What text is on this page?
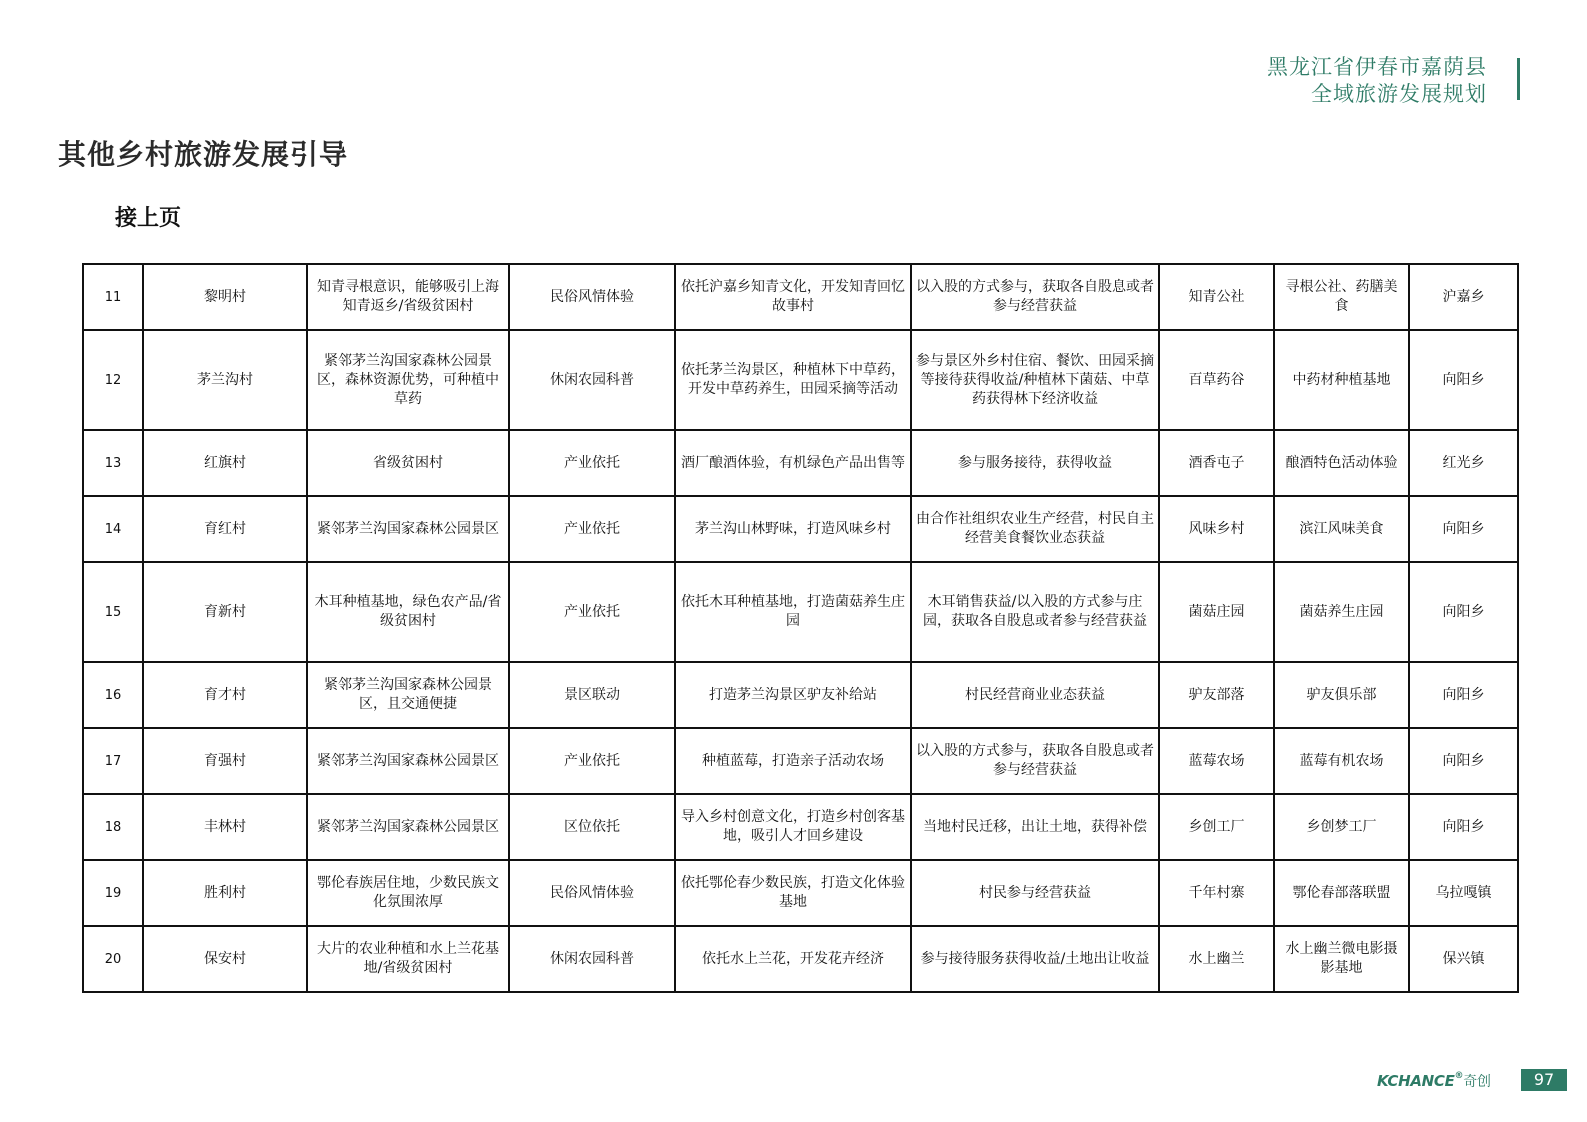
黑龙江省伊春市嘉荫县
全域旅游发展规划
其他乡村旅游发展引导
接上页
11	黎明村	知青寻根意识，能够吸引上海知青返乡/省级贫困村	民俗风情体验	依托沪嘉乡知青文化，开发知青回忆故事村	以入股的方式参与，获取各自股息或者参与经营获益	知青公社	寻根公社、药膳美食	沪嘉乡
12	茅兰沟村	紧邻茅兰沟国家森林公园景区，森林资源优势，可种植中草药	休闲农园科普	依托茅兰沟景区，种植林下中草药，开发中草药养生，田园采摘等活动	参与景区外乡村住宿、餐饮、田园采摘等接待获得收益/种植林下菌菇、中草药获得林下经济收益	百草药谷	中药材种植基地	向阳乡
13	红旗村	省级贫困村	产业依托	酒厂酿酒体验，有机绿色产品出售等	参与服务接待，获得收益	酒香屯子	酿酒特色活动体验	红光乡
14	育红村	紧邻茅兰沟国家森林公园景区	产业依托	茅兰沟山林野味，打造风味乡村	由合作社组织农业生产经营，村民自主经营美食餐饮业态获益	风味乡村	滨江风味美食	向阳乡
15	育新村	木耳种植基地，绿色农产品/省级贫困村	产业依托	依托木耳种植基地，打造菌菇养生庄园	木耳销售获益/以入股的方式参与庄园，获取各自股息或者参与经营获益	菌菇庄园	菌菇养生庄园	向阳乡
16	育才村	紧邻茅兰沟国家森林公园景区，且交通便捷	景区联动	打造茅兰沟景区驴友补给站	村民经营商业业态获益	驴友部落	驴友俱乐部	向阳乡
17	育强村	紧邻茅兰沟国家森林公园景区	产业依托	种植蓝莓，打造亲子活动农场	以入股的方式参与，获取各自股息或者参与经营获益	蓝莓农场	蓝莓有机农场	向阳乡
18	丰林村	紧邻茅兰沟国家森林公园景区	区位依托	导入乡村创意文化，打造乡村创客基地，吸引人才回乡建设	当地村民迁移，出让土地，获得补偿	乡创工厂	乡创梦工厂	向阳乡
19	胜利村	鄂伦春族居住地，少数民族文化氛围浓厚	民俗风情体验	依托鄂伦春少数民族，打造文化体验基地	村民参与经营获益	千年村寨	鄂伦春部落联盟	乌拉嘎镇
20	保安村	大片的农业种植和水上兰花基地/省级贫困村	休闲农园科普	依托水上兰花，开发花卉经济	参与接待服务获得收益/土地出让收益	水上幽兰	水上幽兰微电影摄影基地	保兴镇
KCHANCE®奇创	97
